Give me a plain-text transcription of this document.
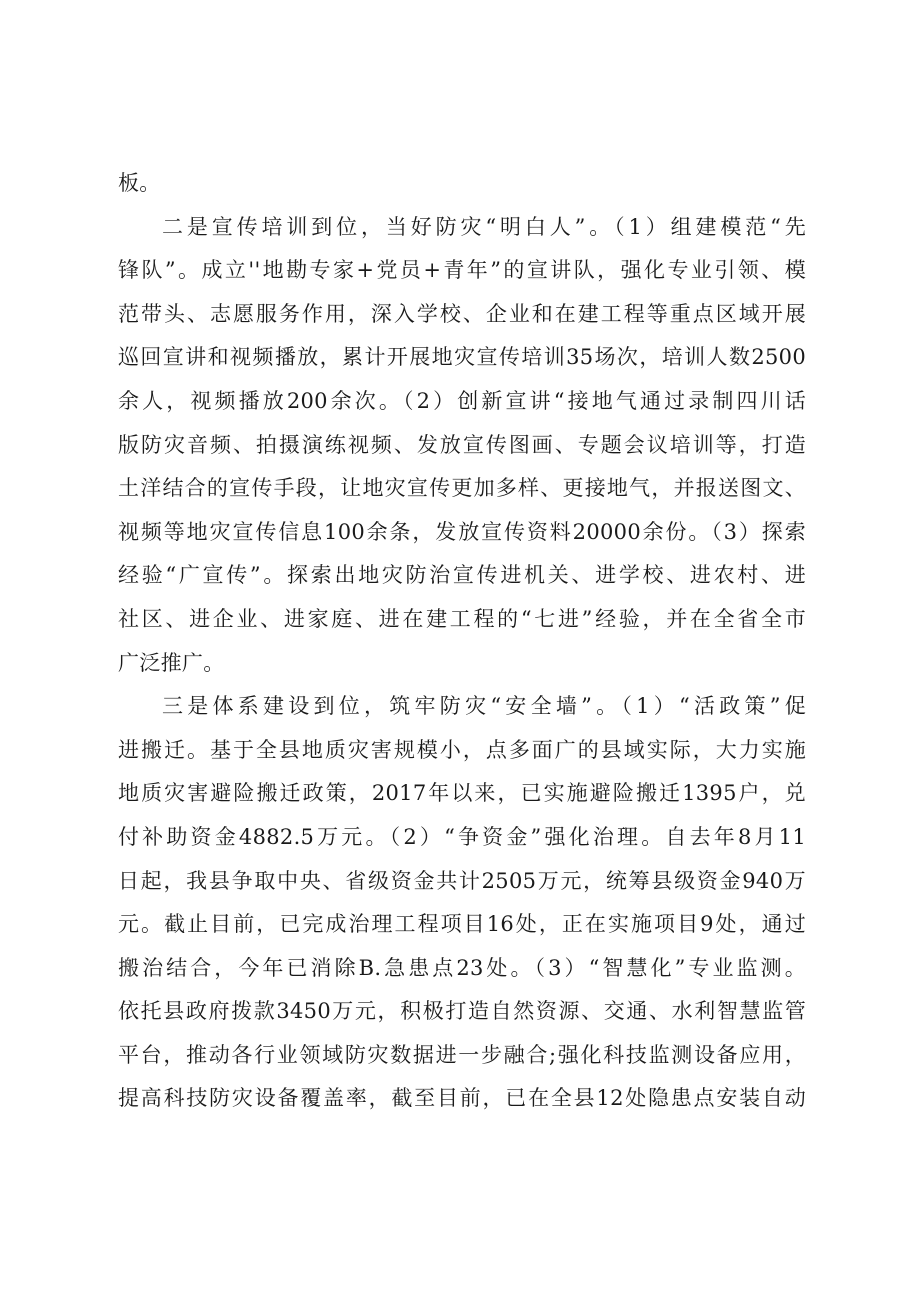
板。
二是宣传培训到位，当好防灾“明白人”。（1）组建模范“先
锋队”。成立''地勘专家+党员+青年”的宣讲队，强化专业引领、模
范带头、志愿服务作用，深入学校、企业和在建工程等重点区域开展
巡回宣讲和视频播放，累计开展地灾宣传培训35场次，培训人数2500
余人，视频播放200余次。（2）创新宣讲“接地气通过录制四川话
版防灾音频、拍摄演练视频、发放宣传图画、专题会议培训等，打造
土洋结合的宣传手段，让地灾宣传更加多样、更接地气，并报送图文、
视频等地灾宣传信息100余条，发放宣传资料20000余份。（3）探索
经验“广宣传”。探索出地灾防治宣传进机关、进学校、进农村、进
社区、进企业、进家庭、进在建工程的“七进”经验，并在全省全市
广泛推广。
三是体系建设到位，筑牢防灾“安全墙”。（1）“活政策”促
进搬迁。基于全县地质灾害规模小，点多面广的县域实际，大力实施
地质灾害避险搬迁政策，2017年以来，已实施避险搬迁1395户，兑
付补助资金4882.5万元。（2）“争资金”强化治理。自去年8月11
日起，我县争取中央、省级资金共计2505万元，统筹县级资金940万
元。截止目前，已完成治理工程项目16处，正在实施项目9处，通过
搬治结合，今年已消除B.急患点23处。（3）“智慧化”专业监测。
依托县政府拨款3450万元，积极打造自然资源、交通、水利智慧监管
平台，推动各行业领域防灾数据进一步融合;强化科技监测设备应用，
提高科技防灾设备覆盖率，截至目前，已在全县12处隐患点安装自动
